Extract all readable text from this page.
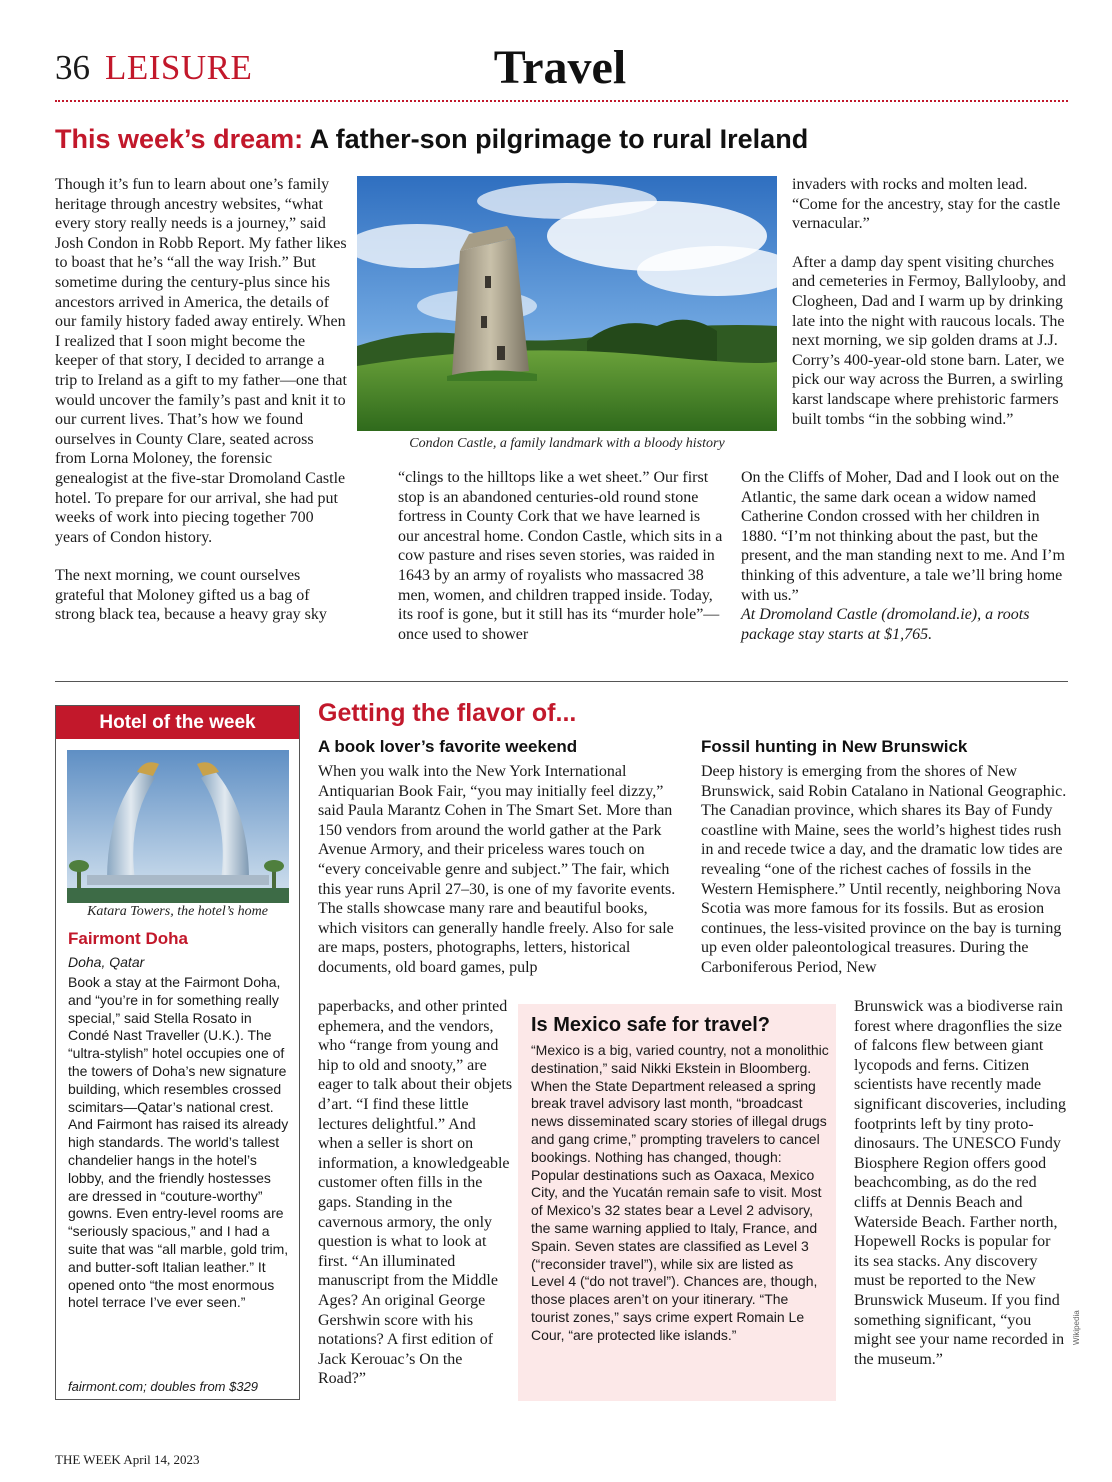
36 LEISURE	Travel
This week’s dream: A father-son pilgrimage to rural Ireland

Though it’s fun to learn about one’s family heritage through ancestry websites, “what every story really needs is a journey,” said Josh Condon in Robb Report. My father likes to boast that he’s “all the way Irish.” But sometime during the century-plus since his ancestors arrived in America, the details of our family history faded away entirely. When I realized that I soon might become the keeper of that story, I decided to arrange a trip to Ireland as a gift to my father—one that would uncover the family’s past and knit it to our current lives. That’s how we found ourselves in County Clare, seated across from Lorna Moloney, the forensic genealogist at the five-star Dromoland Castle hotel. To prepare for our arrival, she had put weeks of work into piecing together 700 years of Condon history.

The next morning, we count ourselves grateful that Moloney gifted us a bag of strong black tea, because a heavy gray sky

Condon Castle, a family landmark with a bloody history

“clings to the hilltops like a wet sheet.” Our first stop is an abandoned centuries-old round stone fortress in County Cork that we have learned is our ancestral home. Condon Castle, which sits in a cow pasture and rises seven stories, was raided in 1643 by an army of royalists who massacred 38 men, women, and children trapped inside. Today, its roof is gone, but it still has its “murder hole”—once used to shower

invaders with rocks and molten lead. “Come for the ancestry, stay for the castle vernacular.”

After a damp day spent visiting churches and cemeteries in Fermoy, Ballylooby, and Clogheen, Dad and I warm up by drinking late into the night with raucous locals. The next morning, we sip golden drams at J.J. Corry’s 400-year-old stone barn. Later, we pick our way across the Burren, a swirling karst landscape where prehistoric farmers built tombs “in the sobbing wind.”

On the Cliffs of Moher, Dad and I look out on the Atlantic, the same dark ocean a widow named Catherine Condon crossed with her children in 1880. “I’m not thinking about the past, but the present, and the man standing next to me. And I’m thinking of this adventure, a tale we’ll bring home with us.”

At Dromoland Castle (dromoland.ie), a roots package stay starts at $1,765.

Hotel of the week
Katara Towers, the hotel’s home
Fairmont Doha
Doha, Qatar
Book a stay at the Fairmont Doha, and “you’re in for something really special,” said Stella Rosato in Condé Nast Traveller (U.K.). The “ultra-stylish” hotel occupies one of the towers of Doha’s new signature building, which resembles crossed scimitars—Qatar’s national crest. And Fairmont has raised its already high standards. The world’s tallest chandelier hangs in the hotel’s lobby, and the friendly hostesses are dressed in “couture-worthy” gowns. Even entry-level rooms are “seriously spacious,” and I had a suite that was “all marble, gold trim, and butter-soft Italian leather.” It opened onto “the most enormous hotel terrace I’ve ever seen.”
fairmont.com; doubles from $329
Getting the flavor of...
A book lover’s favorite weekend
When you walk into the New York International Antiquarian Book Fair, “you may initially feel dizzy,” said Paula Marantz Cohen in The Smart Set. More than 150 vendors from around the world gather at the Park Avenue Armory, and their priceless wares touch on “every conceivable genre and subject.” The fair, which this year runs April 27–30, is one of my favorite events. The stalls showcase many rare and beautiful books, which visitors can generally handle freely. Also for sale are maps, posters, photographs, letters, historical documents, old board games, pulp
paperbacks, and other printed ephemera, and the vendors, who “range from young and hip to old and snooty,” are eager to talk about their objets d’art. “I find these little lectures delightful.” And when a seller is short on information, a knowledgeable customer often fills in the gaps. Standing in the cavernous armory, the only question is what to look at first. “An illuminated manuscript from the Middle Ages? An original George Gershwin score with his notations? A first edition of Jack Kerouac’s On the Road?”
Fossil hunting in New Brunswick
Deep history is emerging from the shores of New Brunswick, said Robin Catalano in National Geographic. The Canadian province, which shares its Bay of Fundy coastline with Maine, sees the world’s highest tides rush in and recede twice a day, and the dramatic low tides are revealing “one of the richest caches of fossils in the Western Hemisphere.” Until recently, neighboring Nova Scotia was more famous for its fossils. But as erosion continues, the less-visited province on the bay is turning up even older paleontological treasures. During the Carboniferous Period, New
Brunswick was a biodiverse rain forest where dragonflies the size of falcons flew between giant lycopods and ferns. Citizen scientists have recently made significant discoveries, including footprints left by tiny proto-dinosaurs. The UNESCO Fundy Biosphere Region offers good beachcombing, as do the red cliffs at Dennis Beach and Waterside Beach. Farther north, Hopewell Rocks is popular for its sea stacks. Any discovery must be reported to the New Brunswick Museum. If you find something significant, “you might see your name recorded in the museum.”
Is Mexico safe for travel?
“Mexico is a big, varied country, not a monolithic destination,” said Nikki Ekstein in Bloomberg. When the State Department released a spring break travel advisory last month, “broadcast news disseminated scary stories of illegal drugs and gang crime,” prompting travelers to cancel bookings. Nothing has changed, though: Popular destinations such as Oaxaca, Mexico City, and the Yucatán remain safe to visit. Most of Mexico’s 32 states bear a Level 2 advisory, the same warning applied to Italy, France, and Spain. Seven states are classified as Level 3 (“reconsider travel”), while six are listed as Level 4 (“do not travel”). Chances are, though, those places aren’t on your itinerary. “The tourist zones,” says crime expert Romain Le Cour, “are protected like islands.”	Wikipedia
THE WEEK April 14, 2023
